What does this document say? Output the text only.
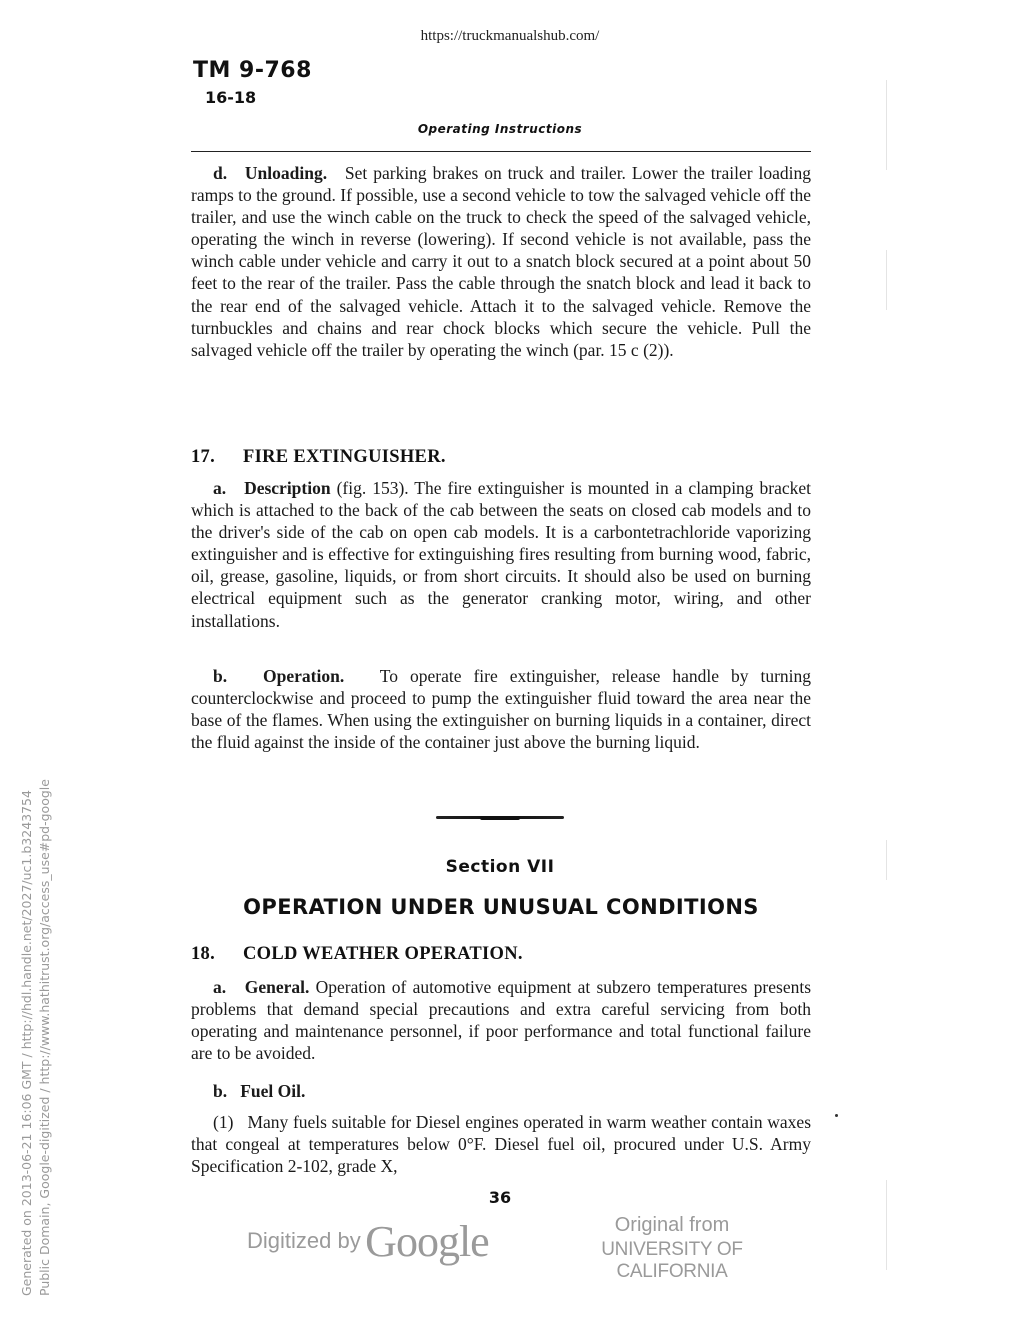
https://truckmanualshub.com/
TM 9-768
16-18
Operating Instructions
d. Unloading. Set parking brakes on truck and trailer. Lower the trailer loading ramps to the ground. If possible, use a second vehicle to tow the salvaged vehicle off the trailer, and use the winch cable on the truck to check the speed of the salvaged vehicle, operating the winch in reverse (lowering). If second vehicle is not available, pass the winch cable under vehicle and carry it out to a snatch block secured at a point about 50 feet to the rear of the trailer. Pass the cable through the snatch block and lead it back to the rear end of the salvaged vehicle. Attach it to the salvaged vehicle. Remove the turnbuckles and chains and rear chock blocks which secure the vehicle. Pull the salvaged vehicle off the trailer by operating the winch (par. 15 c (2)).
17. FIRE EXTINGUISHER.
a. Description (fig. 153). The fire extinguisher is mounted in a clamping bracket which is attached to the back of the cab between the seats on closed cab models and to the driver's side of the cab on open cab models. It is a carbontetrachloride vaporizing extinguisher and is effective for extinguishing fires resulting from burning wood, fabric, oil, grease, gasoline, liquids, or from short circuits. It should also be used on burning electrical equipment such as the generator cranking motor, wiring, and other installations.
b. Operation. To operate fire extinguisher, release handle by turning counterclockwise and proceed to pump the extinguisher fluid toward the area near the base of the flames. When using the extinguisher on burning liquids in a container, direct the fluid against the inside of the container just above the burning liquid.
Section VII
OPERATION UNDER UNUSUAL CONDITIONS
18. COLD WEATHER OPERATION.
a. General. Operation of automotive equipment at subzero temperatures presents problems that demand special precautions and extra careful servicing from both operating and maintenance personnel, if poor performance and total functional failure are to be avoided.
b. Fuel Oil.
(1) Many fuels suitable for Diesel engines operated in warm weather contain waxes that congeal at temperatures below 0°F. Diesel fuel oil, procured under U.S. Army Specification 2-102, grade X,
36
Digitized by Google	Original from
UNIVERSITY OF CALIFORNIA
Generated on 2013-06-21 16:06 GMT / http://hdl.handle.net/2027/uc1.b3243754 Public Domain, Google-digitized / http://www.hathitrust.org/access_use#pd-google
